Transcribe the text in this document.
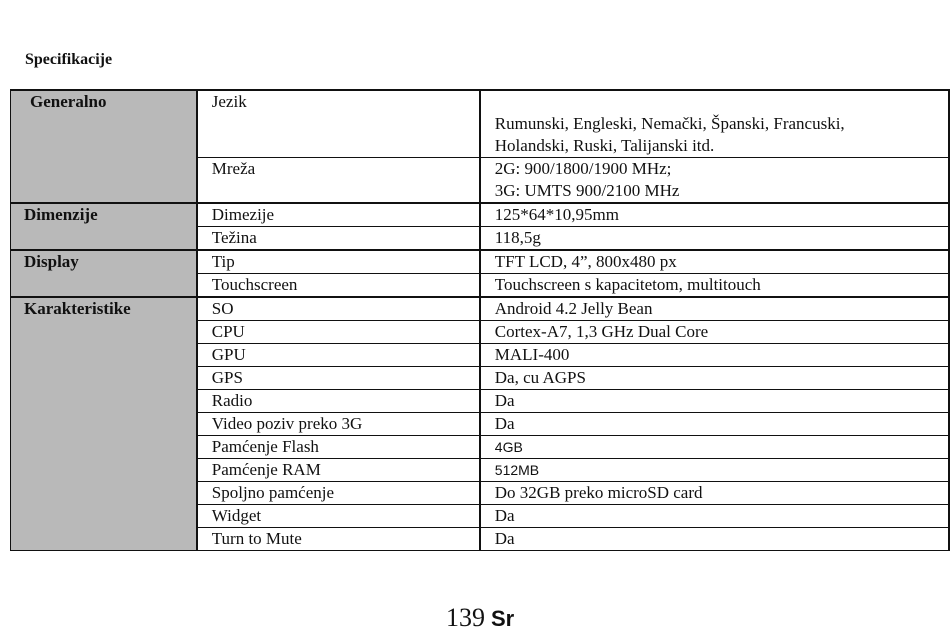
Specifikacije
Generalno	Jezik	Rumunski, Engleski, Nemački, Španski, Francuski,
Holandski, Ruski, Talijanski itd.

	Mreža	2G: 900/1800/1900 MHz;
3G: UMTS 900/2100 MHz

Dimenzije	Dimezije	125*64*10,95mm

	Težina	118,5g

Display	Tip	TFT LCD, 4”, 800x480 px

	Touchscreen	Touchscreen s kapacitetom, multitouch

Karakteristike	SO	Android 4.2 Jelly Bean

	CPU	Cortex-A7, 1,3 GHz Dual Core

	GPU	MALI-400

	GPS	Da, cu AGPS

	Radio	Da

	Video poziv preko 3G	Da

	Pamćenje Flash	4GB

	Pamćenje RAM	512MB

	Spoljno pamćenje	Do 32GB preko microSD card

	Widget	Da

	Turn to Mute	Da
139 Sr
